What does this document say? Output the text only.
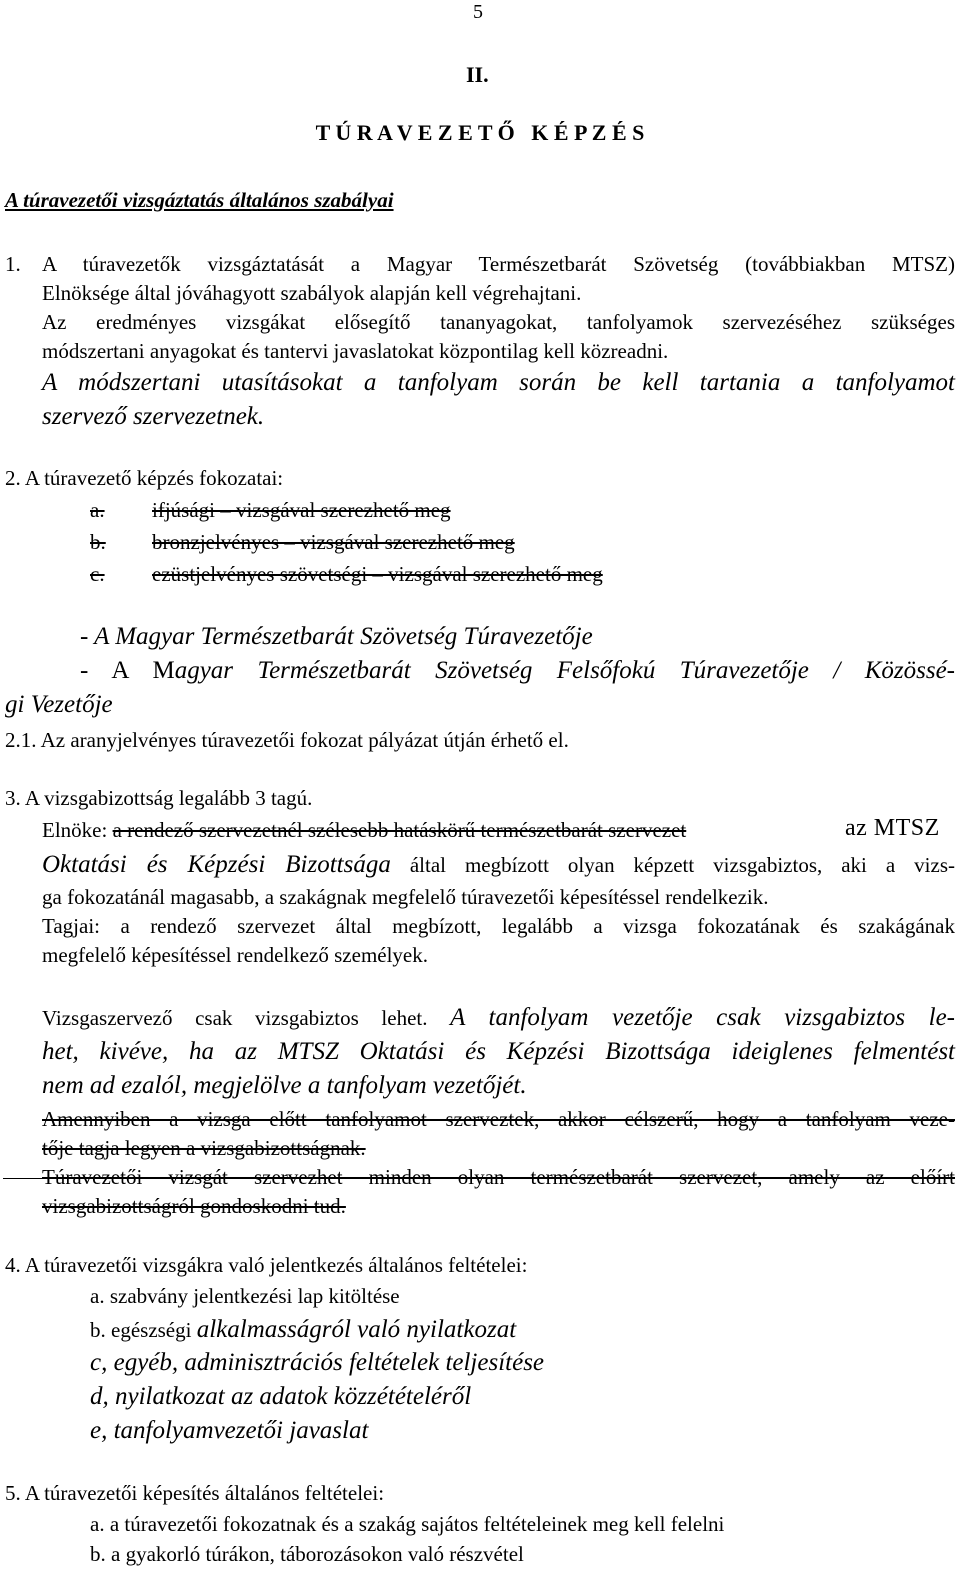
5
II.
T Ú R A V E Z E T Ő   K É P Z É S
A túravezetői vizsgáztatás általános szabályai
1. A túravezetők vizsgáztatását a Magyar Természetbarát Szövetség (továbbiakban MTSZ)
Elnöksége által jóváhagyott szabályok alapján kell végrehajtani.
Az eredményes vizsgákat elősegítő tananyagokat, tanfolyamok szervezéséhez szükséges
módszertani anyagokat és tantervi javaslatokat központilag kell közreadni.
A módszertani utasításokat a tanfolyam során be kell tartania a tanfolyamot
szervező szervezetnek.
2. A túravezető képzés fokozatai:
a. ifjúsági – vizsgával szerezhető meg
b. bronzjelvényes – vizsgával szerezhető meg
c. ezüstjelvényes szövetségi – vizsgával szerezhető meg
- A Magyar Természetbarát Szövetség Túravezetője
- A Magyar Természetbarát Szövetség Felsőfokú Túravezetője / Közössé-
gi Vezetője
2.1. Az aranyjelvényes túravezetői fokozat pályázat útján érhető el.
3. A vizsgabizottság legalább 3 tagú.
Elnöke: a rendező szervezetnél szélesebb hatáskörű természetbarát szervezet	az MTSZ
Oktatási és Képzési Bizottsága által megbízott olyan képzett vizsgabiztos, aki a vizs-
ga fokozatánál magasabb, a szakágnak megfelelő túravezetői képesítéssel rendelkezik.
Tagjai: a rendező szervezet által megbízott, legalább a vizsga fokozatának és szakágának
megfelelő képesítéssel rendelkező személyek.
Vizsgaszervező csak vizsgabiztos lehet. A tanfolyam vezetője csak vizsgabiztos le-
het, kivéve, ha az MTSZ Oktatási és Képzési Bizottsága ideiglenes felmentést
nem ad ezalól, megjelölve a tanfolyam vezetőjét.
Amennyiben a vizsga előtt tanfolyamot szerveztek, akkor célszerű, hogy a tanfolyam veze-
tője tagja legyen a vizsgabizottságnak.
Túravezetői vizsgát szervezhet minden olyan természetbarát szervezet, amely az előírt
vizsgabizottságról gondoskodni tud.
4. A túravezetői vizsgákra való jelentkezés általános feltételei:
a. szabvány jelentkezési lap kitöltése
b. egészségi alkalmasságról való nyilatkozat
c, egyéb, adminisztrációs feltételek teljesítése
d, nyilatkozat az adatok közzétételéről
e, tanfolyamvezetői javaslat
5. A túravezetői képesítés általános feltételei:
a. a túravezetői fokozatnak és a szakág sajátos feltételeinek meg kell felelni
b. a gyakorló túrákon, táborozásokon való részvétel
